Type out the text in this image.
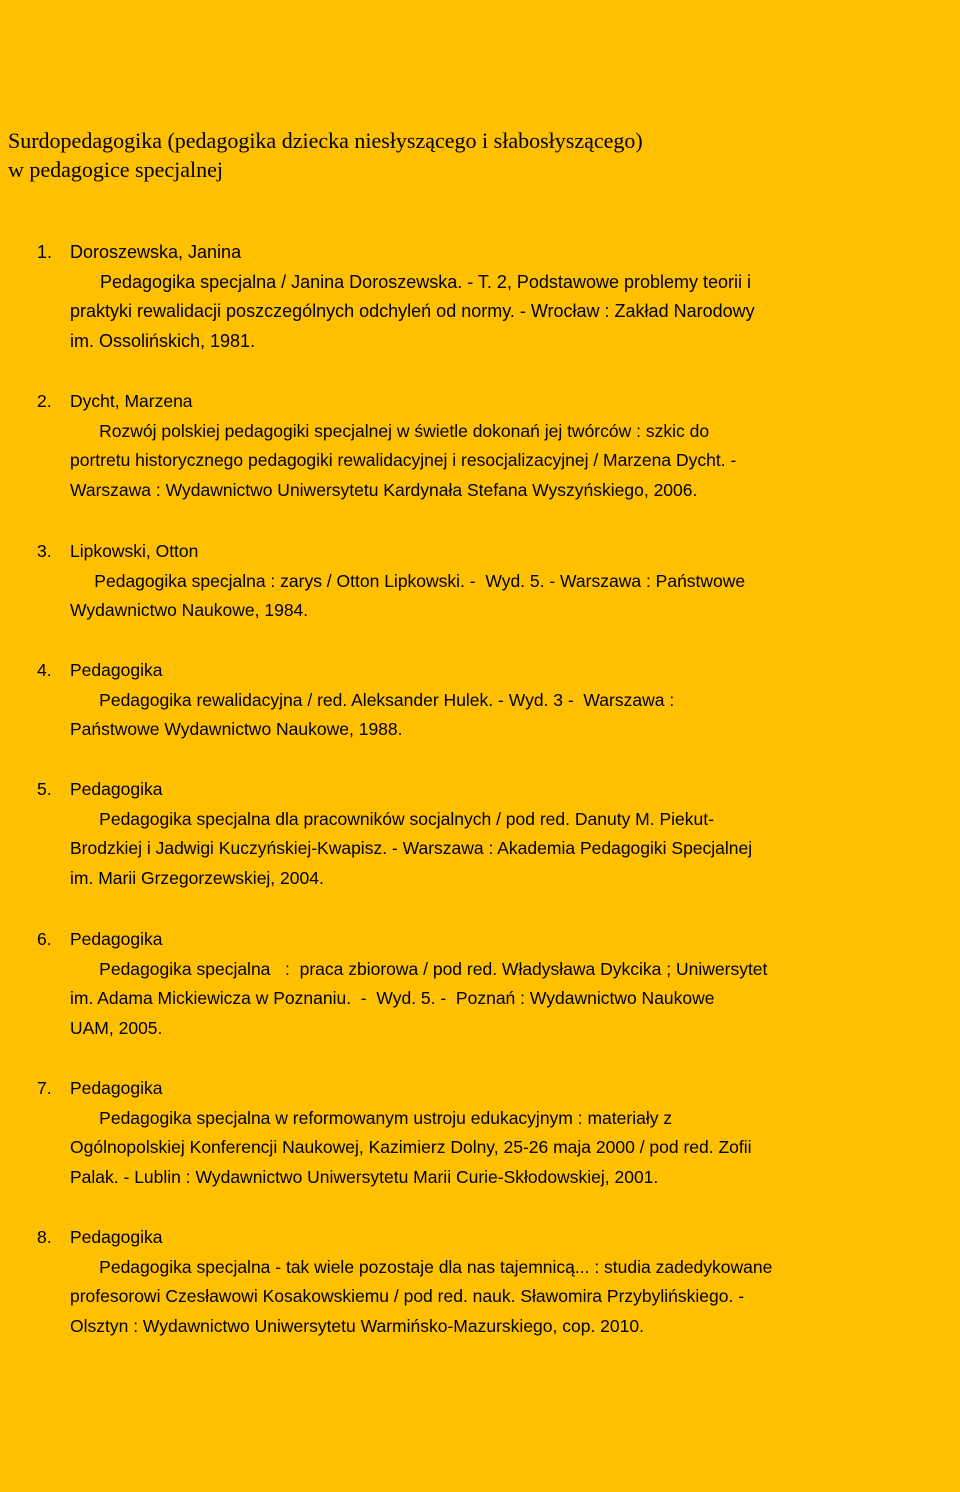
Surdopedagogika (pedagogika dziecka niesłyszącego i słabosłyszącego)
w pedagogice specjalnej
1. Doroszewska, Janina
Pedagogika specjalna / Janina Doroszewska. - T. 2, Podstawowe problemy teorii i
praktyki rewalidacji poszczególnych odchyleń od normy. - Wrocław : Zakład Narodowy
im. Ossolińskich, 1981.
2. Dycht, Marzena
Rozwój polskiej pedagogiki specjalnej w świetle dokonań jej twórców : szkic do
portretu historycznego pedagogiki rewalidacyjnej i resocjalizacyjnej / Marzena Dycht. -
Warszawa : Wydawnictwo Uniwersytetu Kardynała Stefana Wyszyńskiego, 2006.
3. Lipkowski, Otton
Pedagogika specjalna : zarys / Otton Lipkowski. -  Wyd. 5. - Warszawa : Państwowe
Wydawnictwo Naukowe, 1984.
4. Pedagogika
Pedagogika rewalidacyjna / red. Aleksander Hulek. - Wyd. 3 -  Warszawa :
Państwowe Wydawnictwo Naukowe, 1988.
5. Pedagogika
Pedagogika specjalna dla pracowników socjalnych / pod red. Danuty M. Piekut-
Brodzkiej i Jadwigi Kuczyńskiej-Kwapisz. - Warszawa : Akademia Pedagogiki Specjalnej
im. Marii Grzegorzewskiej, 2004.
6. Pedagogika
Pedagogika specjalna   :  praca zbiorowa / pod red. Władysława Dykcika ; Uniwersytet
im. Adama Mickiewicza w Poznaniu.  -  Wyd. 5. -  Poznań : Wydawnictwo Naukowe
UAM, 2005.
7. Pedagogika
Pedagogika specjalna w reformowanym ustroju edukacyjnym : materiały z
Ogólnopolskiej Konferencji Naukowej, Kazimierz Dolny, 25-26 maja 2000 / pod red. Zofii
Palak. - Lublin : Wydawnictwo Uniwersytetu Marii Curie-Skłodowskiej, 2001.
8. Pedagogika
Pedagogika specjalna - tak wiele pozostaje dla nas tajemnicą... : studia zadedykowane
profesorowi Czesławowi Kosakowskiemu / pod red. nauk. Sławomira Przybylińskiego. -
Olsztyn : Wydawnictwo Uniwersytetu Warmińsko-Mazurskiego, cop. 2010.
